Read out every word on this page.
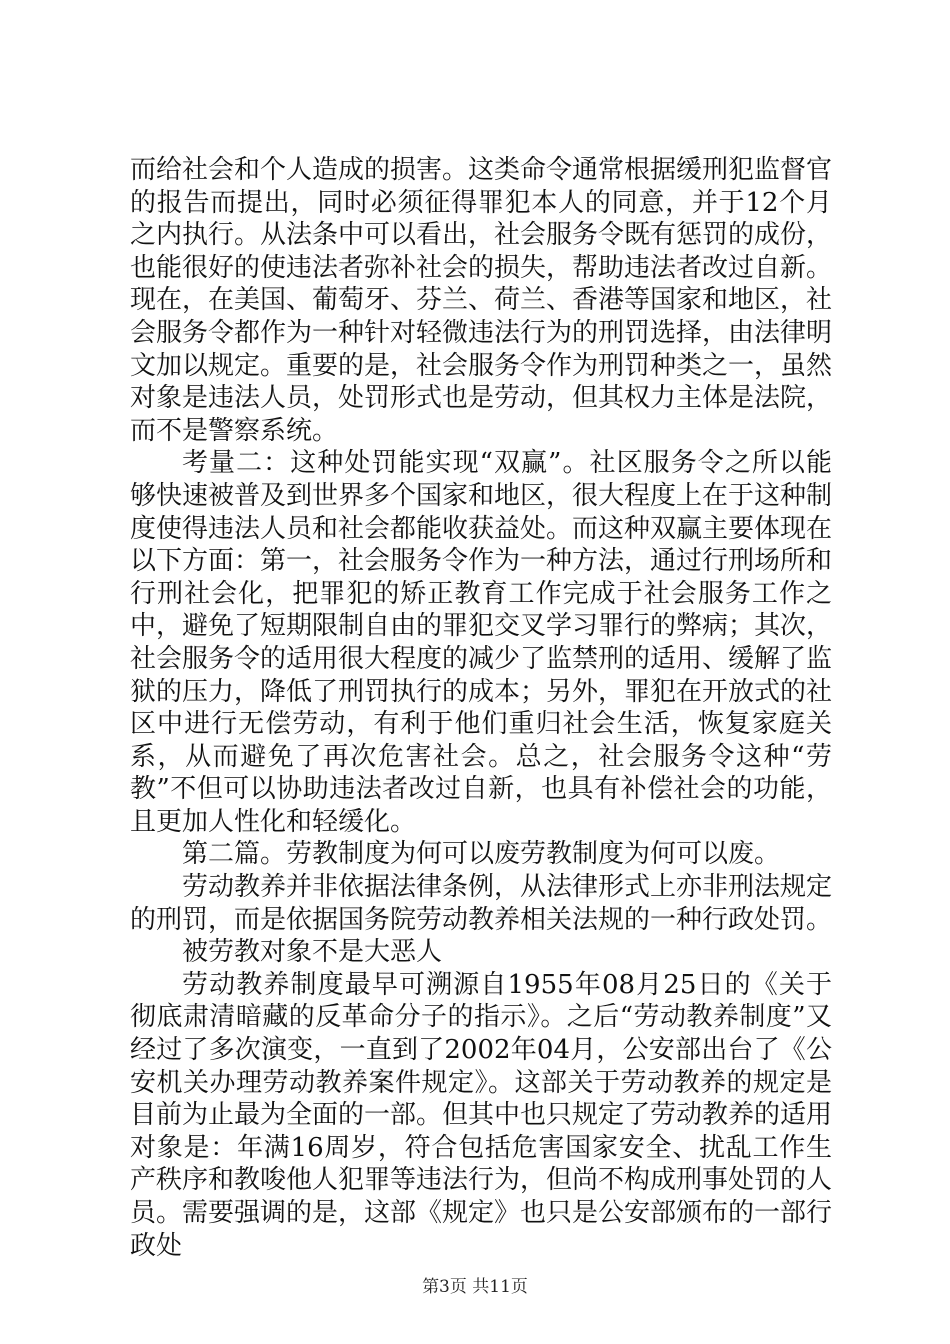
而给社会和个人造成的损害。这类命令通常根据缓刑犯监督官的报告而提出，同时必须征得罪犯本人的同意，并于12个月之内执行。从法条中可以看出，社会服务令既有惩罚的成份，也能很好的使违法者弥补社会的损失，帮助违法者改过自新。现在，在美国、葡萄牙、芬兰、荷兰、香港等国家和地区，社会服务令都作为一种针对轻微违法行为的刑罚选择，由法律明文加以规定。重要的是，社会服务令作为刑罚种类之一，虽然对象是违法人员，处罚形式也是劳动，但其权力主体是法院，而不是警察系统。

考量二：这种处罚能实现“双赢”。社区服务令之所以能够快速被普及到世界多个国家和地区，很大程度上在于这种制度使得违法人员和社会都能收获益处。而这种双赢主要体现在以下方面：第一，社会服务令作为一种方法，通过行刑场所和行刑社会化，把罪犯的矫正教育工作完成于社会服务工作之中，避免了短期限制自由的罪犯交叉学习罪行的弊病；其次，社会服务令的适用很大程度的减少了监禁刑的适用、缓解了监狱的压力，降低了刑罚执行的成本；另外，罪犯在开放式的社区中进行无偿劳动，有利于他们重归社会生活，恢复家庭关系，从而避免了再次危害社会。总之，社会服务令这种“劳教”不但可以协助违法者改过自新，也具有补偿社会的功能，且更加人性化和轻缓化。

第二篇。劳教制度为何可以废劳教制度为何可以废。

劳动教养并非依据法律条例，从法律形式上亦非刑法规定的刑罚，而是依据国务院劳动教养相关法规的一种行政处罚。

被劳教对象不是大恶人

劳动教养制度最早可溯源自1955年08月25日的《关于彻底肃清暗藏的反革命分子的指示》。之后“劳动教养制度”又经过了多次演变，一直到了2002年04月，公安部出台了《公安机关办理劳动教养案件规定》。这部关于劳动教养的规定是目前为止最为全面的一部。但其中也只规定了劳动教养的适用对象是：年满16周岁，符合包括危害国家安全、扰乱工作生产秩序和教唆他人犯罪等违法行为，但尚不构成刑事处罚的人员。需要强调的是，这部《规定》也只是公安部颁布的一部行政处

第3页 共11页
